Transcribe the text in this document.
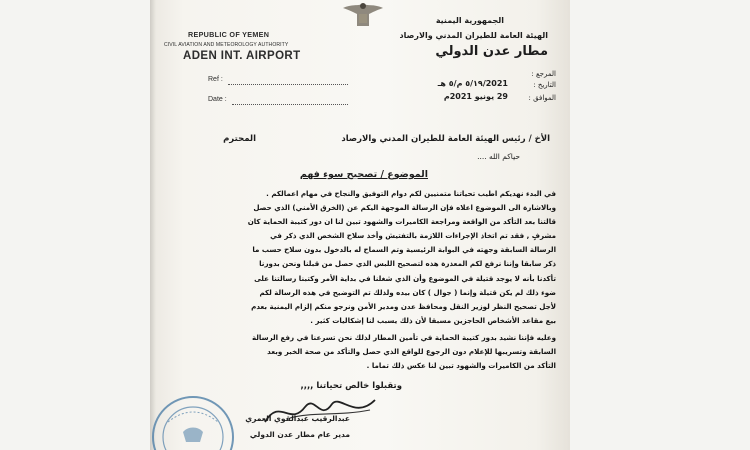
REPUBLIC OF YEMEN
CIVIL AVIATION AND METEOROLOGY AUTHORITY
ADEN INT. AIRPORT
Ref :
Date :
الجمهورية اليمنية
الهيئة العامة للطيران المدني والارصاد
مطار عدن الدولي
المرجع :
التاريخ :
2021/٥/١٩ م/٥ هـ
الموافق :
29 يونيو 2021م
الأخ / رئيس الهيئة العامة للطيران المدني والارصاد
المحترم
حياكم الله ....
الموضوع / تصحيح سوء فهم
في البدء نهديكم اطيب تحياتنا متمنيين لكم دوام التوفيق والنجاح في مهام اعمالكم .
وبالاشارة الى الموضوع اعلاه فإن الرسالة الموجهة اليكم عن (الخرق الأمني) الذي حصل
قالتنا بعد التأكد من الواقعة ومراجعة الكاميرات والشهود تبين لنا ان دور كتيبة الحماية كان
مشرفٍ , فقد تم اتخاذ الإجراءات اللازمة بالتفتيش وأخذ سلاح الشخص الذي ذكر في
الرسالة السابقة وجهته في البوابة الرئيسية وتم السماح له بالدخول بدون سلاح حسب ما
ذكر سابقا وإننا نرفع لكم المعذرة هذه لتصحيح اللبس الذي حصل من قبلنا ونحن بدورنا
تأكدنا بأنه لا يوجد قتيلة في الموضوع وأن الذي شغلنا في بداية الأمر وكتبنا رسالتنا على
ضوء ذلك لم يكن قتيلة وإنما ( جوال ) كان بيده ولذلك تم التوضيح في هذه الرسالة لكم
لأجل تصحيح النظر لوزير النقل ومحافظ عدن ومدير الأمن ونرجو منكم إلزام اليمنية بعدم
بيع مقاعد الأشخاص الحاجزين مسبقا لأن ذلك يسبب لنا إشكاليات كثير .
وعليه فإننا نشيد بدور كتيبة الحماية في تأمين المطار لذلك نحن تسرعنا في رفع الرسالة
السابقة وتسريبها للإعلام دون الرجوع للواقع الذي حصل والتأكد من صحة الخبر وبعد
التأكد من الكاميرات والشهود تبين لنا عكس ذلك تماما .
وتقبلوا خالص تحياتنا ,,,,
عبدالرقيب عبدالقوي العمري
مدير عام مطار عدن الدولي
